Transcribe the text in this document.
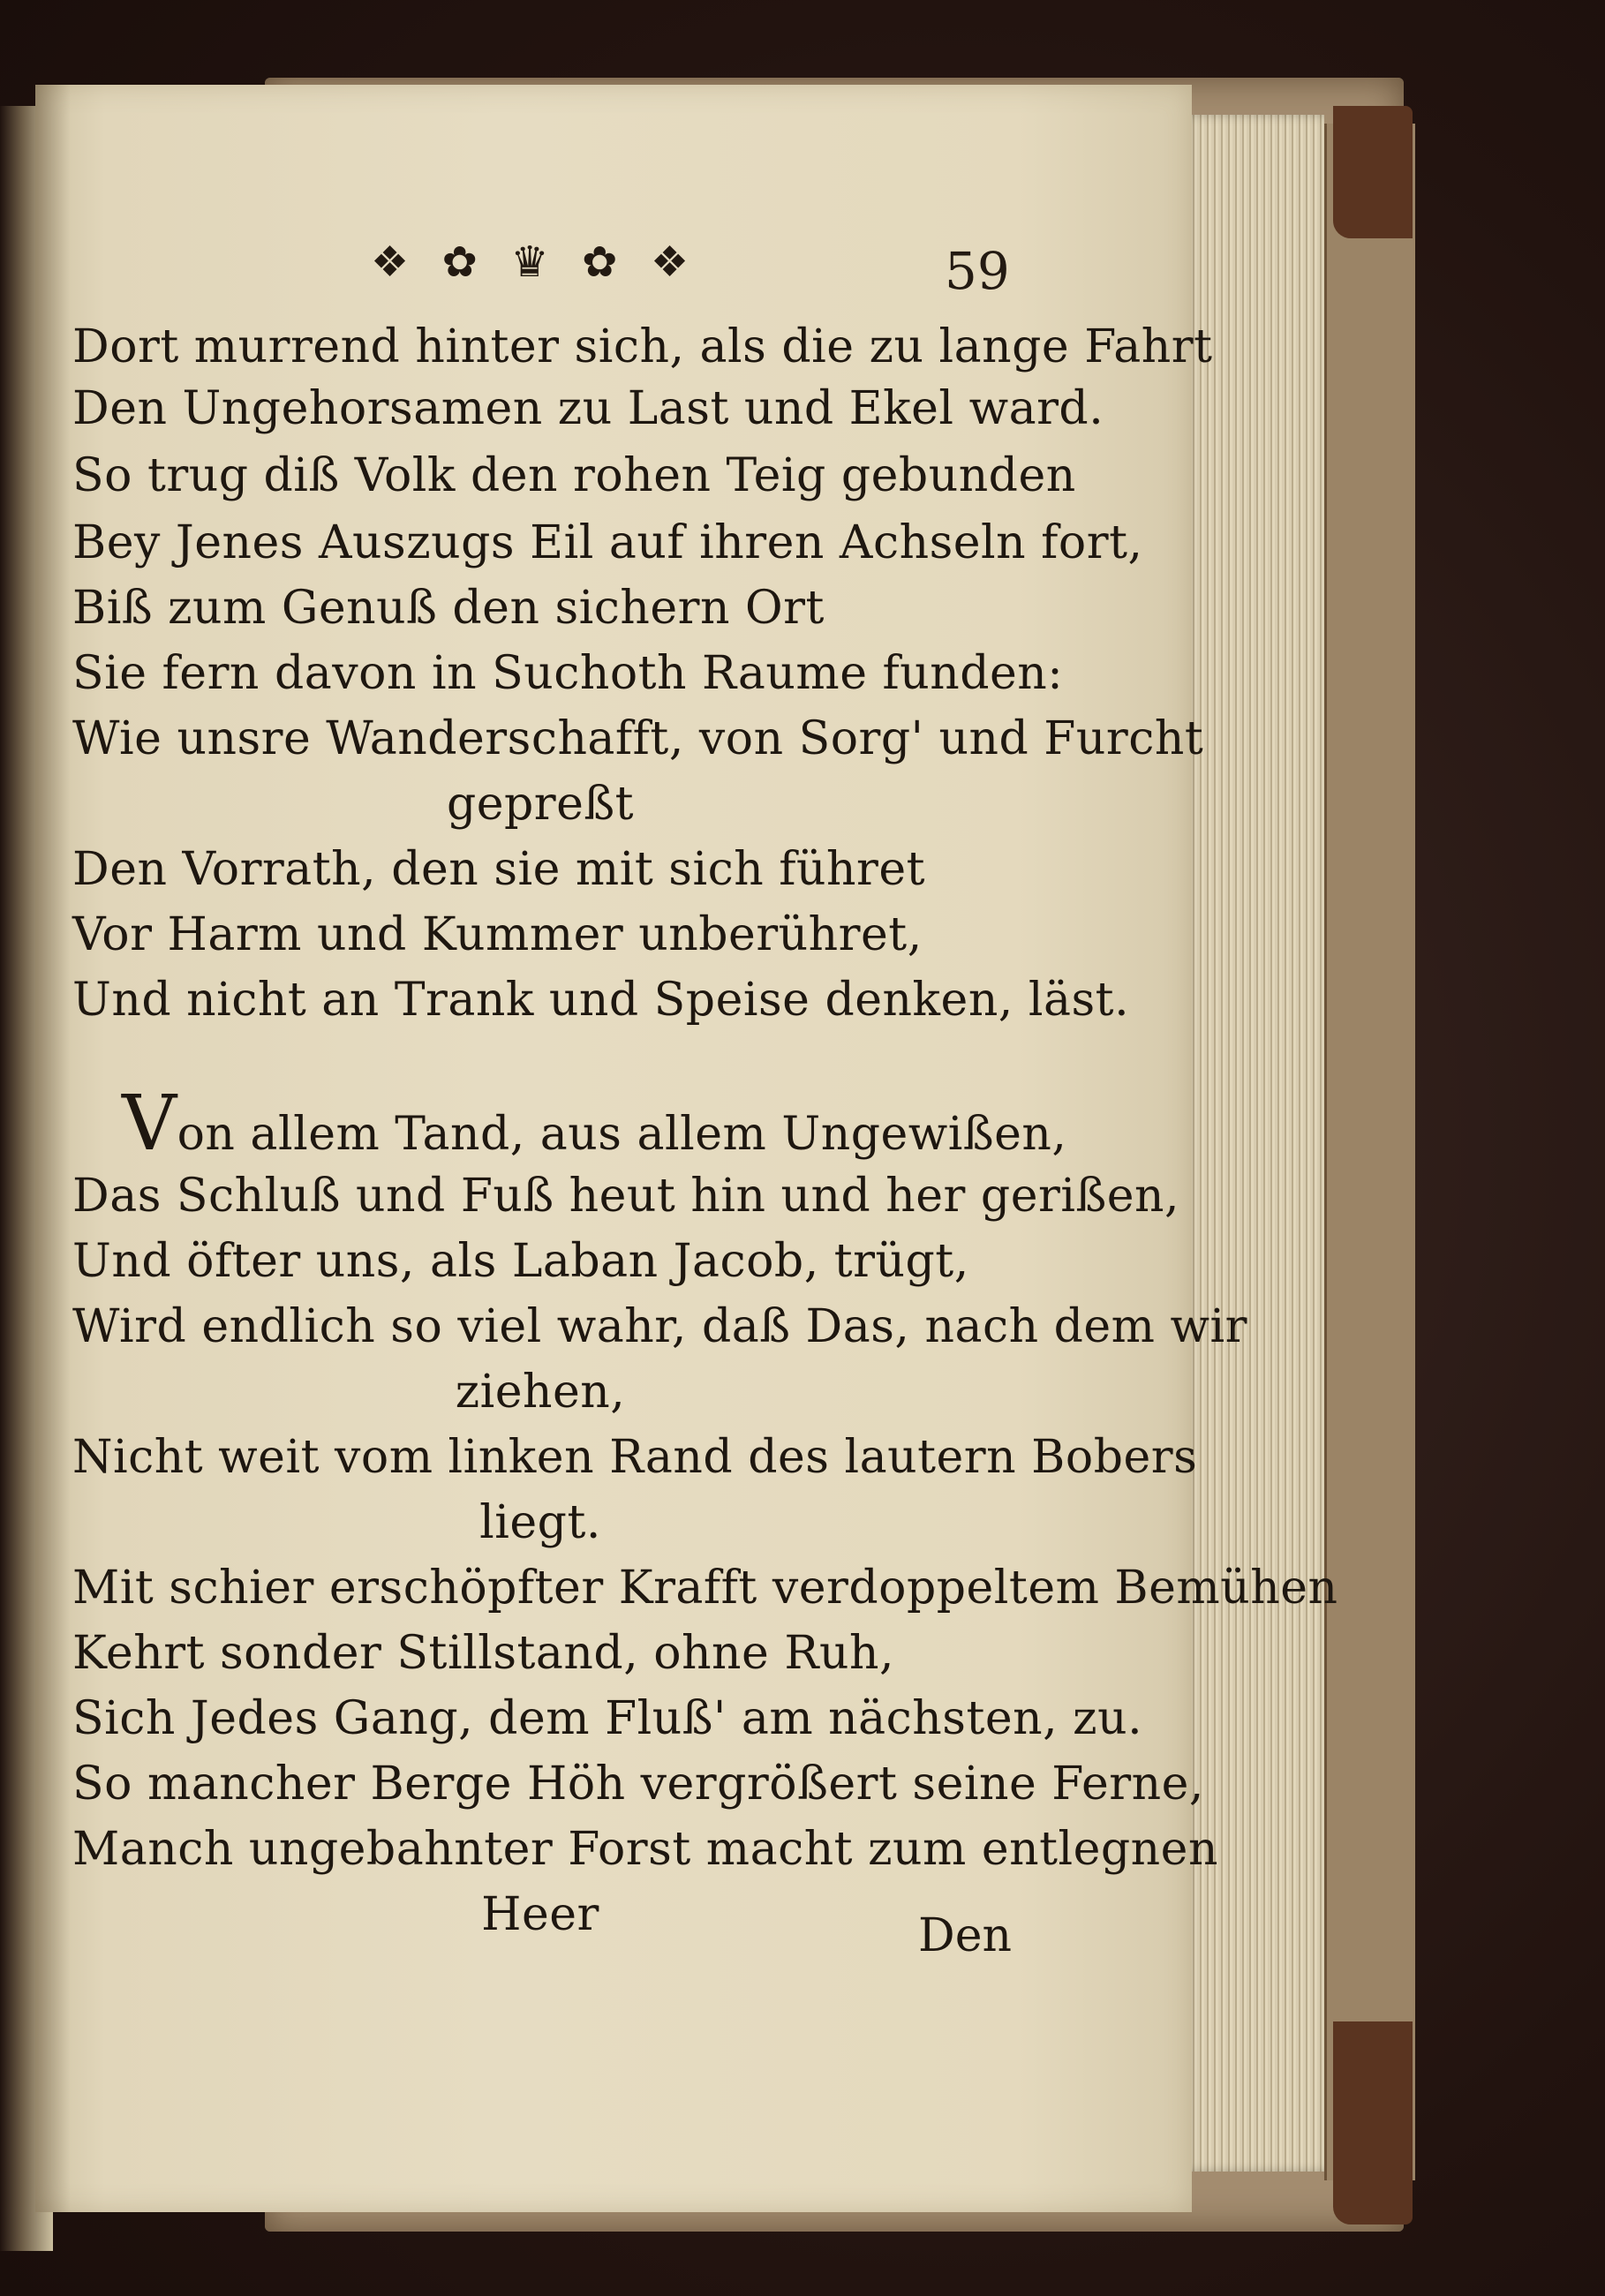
❖ ✿ ♛ ✿ ❖	59
Dort murrend hinter sich, als die zu lange Fahrt
Den Ungehorsamen zu Last und Ekel ward.
So trug diß Volk den rohen Teig gebunden
Bey Jenes Auszugs Eil auf ihren Achseln fort,
Biß zum Genuß den sichern Ort
Sie fern davon in Suchoth Raume funden:
Wie unsre Wanderschafft, von Sorg' und Furcht
gepreßt
Den Vorrath, den sie mit sich führet
Vor Harm und Kummer unberühret,
Und nicht an Trank und Speise denken, läst.
Von allem Tand, aus allem Ungewißen,
Das Schluß und Fuß heut hin und her gerißen,
Und öfter uns, als Laban Jacob, trügt,
Wird endlich so viel wahr, daß Das, nach dem wir
ziehen,
Nicht weit vom linken Rand des lautern Bobers
liegt.
Mit schier erschöpfter Krafft verdoppeltem Bemühen
Kehrt sonder Stillstand, ohne Ruh,
Sich Jedes Gang, dem Fluß' am nächsten, zu.
So mancher Berge Höh vergrößert seine Ferne,
Manch ungebahnter Forst macht zum entlegnen
Heer	Den
